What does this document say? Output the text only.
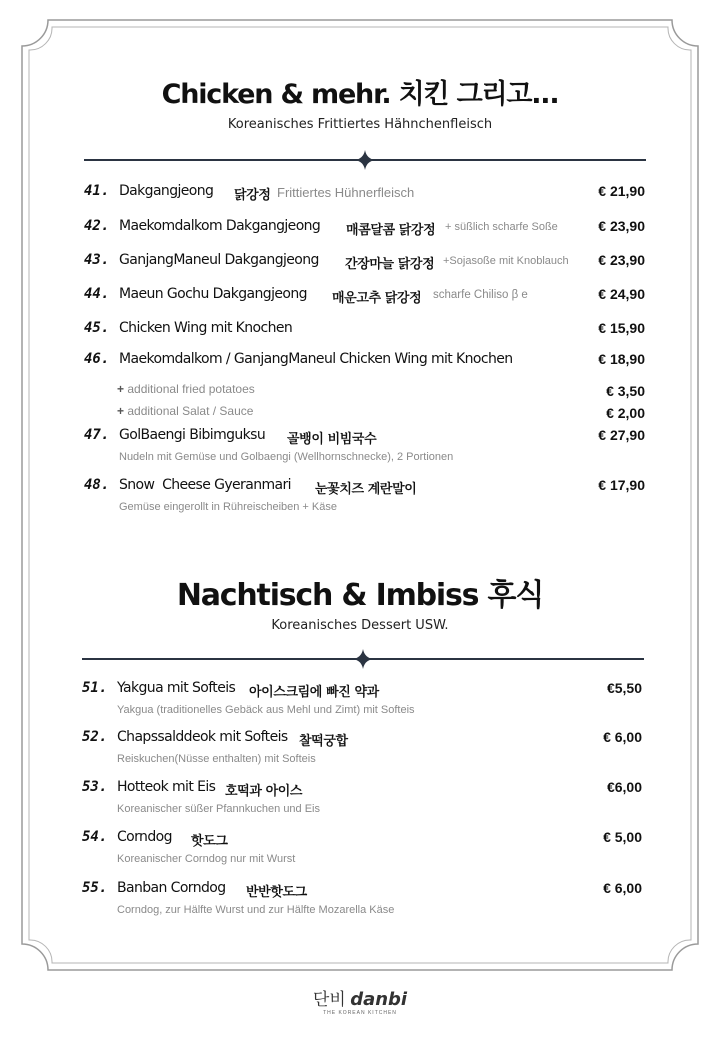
Chicken & mehr. 치킨 그리고...
Koreanisches Frittiertes Hähnchenfleisch
41. Dakgangjeong 닭강정 Frittiertes Hühnerfleisch	€ 21,90
42. Maekomdalkom Dakgangjeong 매콤달콤 닭강정 + süßlich scharfe Soße	€ 23,90
43. GanjangManeul Dakgangjeong 간장마늘 닭강정 +Sojasoße mit Knoblauch € 23,90
44. Maeun Gochu Dakgangjeong 매운고추 닭강정 scharfe Chiliso β e	€ 24,90
45. Chicken Wing mit Knochen	€ 15,90
46. Maekomdalkom / GanjangManeul Chicken Wing mit Knochen	€ 18,90
+ additional fried potatoes	€ 3,50
+ additional Salat / Sauce	€ 2,00
47. GolBaengi Bibimguksu 골뱅이 비빔국수	€ 27,90
Nudeln mit Gemüse und Golbaengi (Wellhornschnecke), 2 Portionen
48. Snow  Cheese Gyeranmari 눈꽃치즈 계란말이	€ 17,90
Gemüse eingerollt in Rühreischeiben + Käse
Nachtisch & Imbiss 후식
Koreanisches Dessert USW.
51. Yakgua mit Softeis 아이스크림에 빠진 약과	€5,50
Yakgua (traditionelles Gebäck aus Mehl und Zimt) mit Softeis
52. Chapssalddeok mit Softeis 찰떡궁합	€ 6,00
Reiskuchen(Nüsse enthalten) mit Softeis
53. Hotteok mit Eis 호떡과 아이스	€6,00
Koreanischer süßer Pfannkuchen und Eis
54. Corndog 핫도그	€ 5,00
Koreanischer Corndog nur mit Wurst
55. Banban Corndog 반반핫도그	€ 6,00
Corndog, zur Hälfte Wurst und zur Hälfte Mozarella Käse
단비 danbi
THE KOREAN KITCHEN
